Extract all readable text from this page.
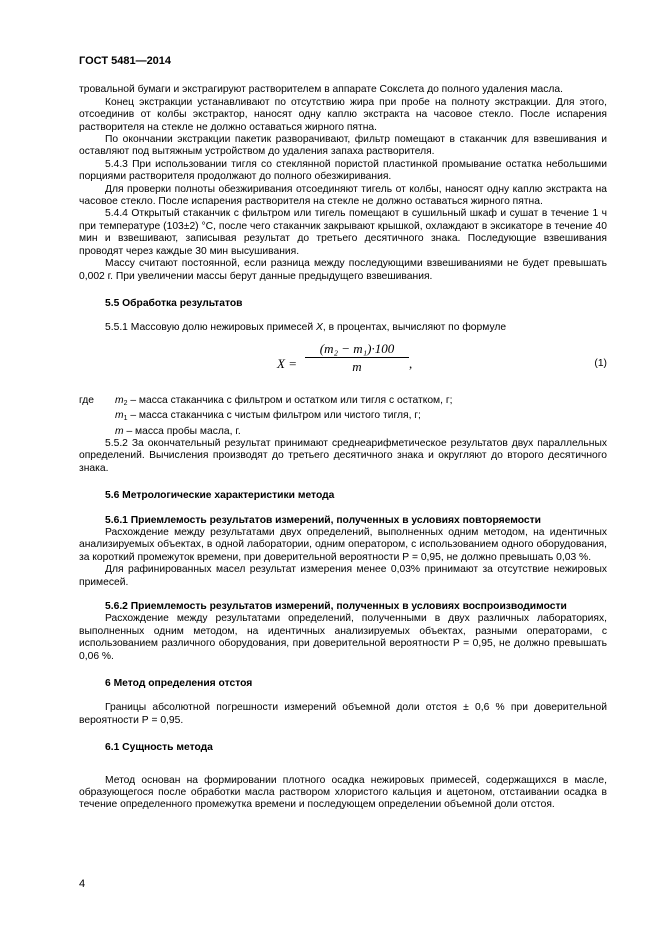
ГОСТ 5481—2014

тровальной бумаги и экстрагируют растворителем в аппарате Сокслета до полного удаления масла.

Конец экстракции устанавливают по отсутствию жира при пробе на полноту экстракции. Для этого, отсоединив от колбы экстрактор, наносят одну каплю экстракта на часовое стекло. После испарения растворителя на стекле не должно оставаться жирного пятна.

По окончании экстракции пакетик разворачивают, фильтр помещают в стаканчик для взвешивания и оставляют под вытяжным устройством до удаления запаха растворителя.

5.4.3 При использовании тигля со стеклянной пористой пластинкой промывание остатка небольшими порциями растворителя продолжают до полного обезжиривания.

Для проверки полноты обезжиривания отсоединяют тигель от колбы, наносят одну каплю экстракта на часовое стекло. После испарения растворителя на стекле не должно оставаться жирного пятна.

5.4.4 Открытый стаканчик с фильтром или тигель помещают в сушильный шкаф и сушат в течение 1 ч при температуре (103±2) °С, после чего стаканчик закрывают крышкой, охлаждают в эксикаторе в течение 40 мин и взвешивают, записывая результат до третьего десятичного знака. Последующие взвешивания проводят через каждые 30 мин высушивания.

Массу считают постоянной, если разница между последующими взвешиваниями не будет превышать 0,002 г. При увеличении массы берут данные предыдущего взвешивания.

5.5 Обработка результатов

5.5.1 Массовую долю нежировых примесей X, в процентах, вычисляют по формуле

$X = \frac{\text{(m₂ − m₁)·100}}{m}$ ,	(1)
где	$m_2$ – масса стаканчика с фильтром и остатком или тигля с остатком, г;
$m_1$ – масса стаканчика с чистым фильтром или чистого тигля, г;
m – масса пробы масла, г.

5.5.2 За окончательный результат принимают среднеарифметическое результатов двух параллельных определений. Вычисления производят до третьего десятичного знака и округляют до второго десятичного знака.

5.6 Метрологические характеристики метода

5.6.1 Приемлемость результатов измерений, полученных в условиях повторяемости

Расхождение между результатами двух определений, выполненных одним методом, на идентичных анализируемых объектах, в одной лаборатории, одним оператором, с использованием одного оборудования, за короткий промежуток времени, при доверительной вероятности Р = 0,95, не должно превышать 0,03 %.

Для рафинированных масел результат измерения менее 0,03% принимают за отсутствие нежировых примесей.

5.6.2 Приемлемость результатов измерений, полученных в условиях воспроизводимости

Расхождение между результатами определений, полученными в двух различных лабораториях, выполненных одним методом, на идентичных анализируемых объектах, разными операторами, с использованием различного оборудования, при доверительной вероятности Р = 0,95, не должно превышать 0,06 %.

6 Метод определения отстоя

Границы абсолютной погрешности измерений объемной доли отстоя ± 0,6 % при доверительной вероятности Р = 0,95.

6.1 Сущность метода

Метод основан на формировании плотного осадка нежировых примесей, содержащихся в масле, образующегося после обработки масла раствором хлористого кальция и ацетоном, отстаивании осадка в течение определенного промежутка времени и последующем определении объемной доли отстоя.

4
